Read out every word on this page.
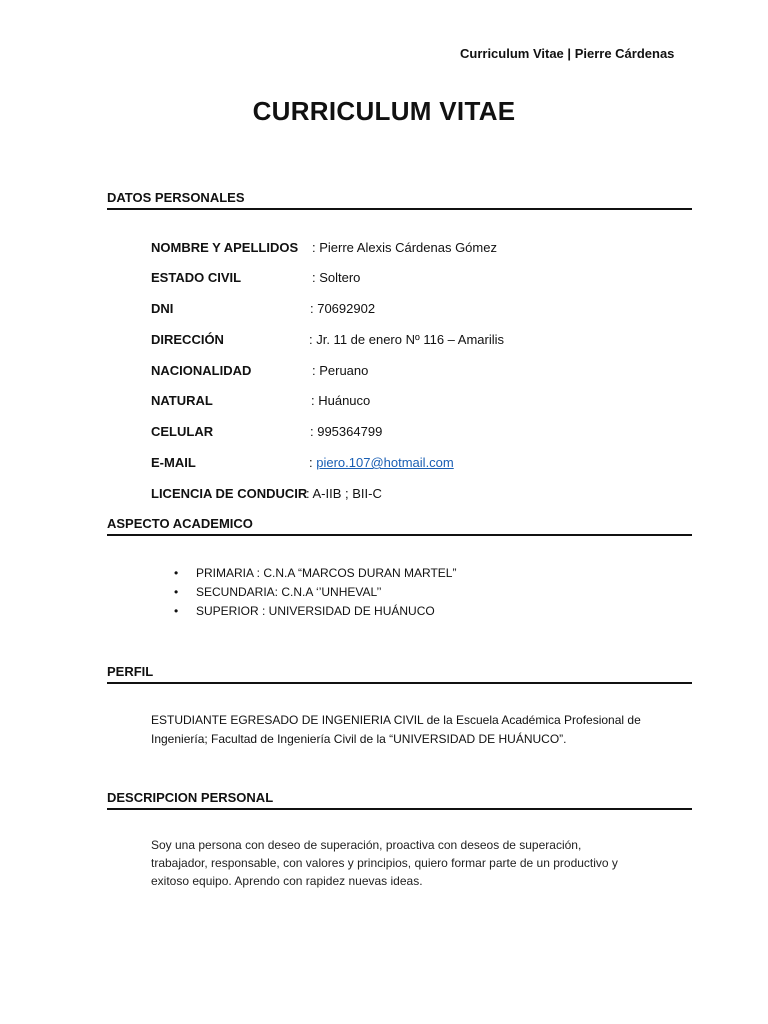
Curriculum Vitae | Pierre Cárdenas
CURRICULUM VITAE
DATOS PERSONALES
NOMBRE Y APELLIDOS : Pierre Alexis Cárdenas Gómez
ESTADO CIVIL	: Soltero
DNI	: 70692902
DIRECCIÓN	: Jr. 11 de enero Nº 116 – Amarilis
NACIONALIDAD	: Peruano
NATURAL	: Huánuco
CELULAR	: 995364799
E-MAIL	: piero.107@hotmail.com
LICENCIA DE CONDUCIR
: A-IIB ; BII-C
ASPECTO ACADEMICO
• PRIMARIA : C.N.A “MARCOS DURAN MARTEL”
• SECUNDARIA: C.N.A ‘’UNHEVAL’’
• SUPERIOR : UNIVERSIDAD DE HUÁNUCO
PERFIL
ESTUDIANTE EGRESADO DE INGENIERIA CIVIL de la Escuela Académica Profesional de
Ingeniería; Facultad de Ingeniería Civil de la “UNIVERSIDAD DE HUÁNUCO”.
DESCRIPCION PERSONAL
Soy una persona con deseo de superación, proactiva con deseos de superación,
trabajador, responsable, con valores y principios, quiero formar parte de un productivo y
exitoso equipo. Aprendo con rapidez nuevas ideas.
